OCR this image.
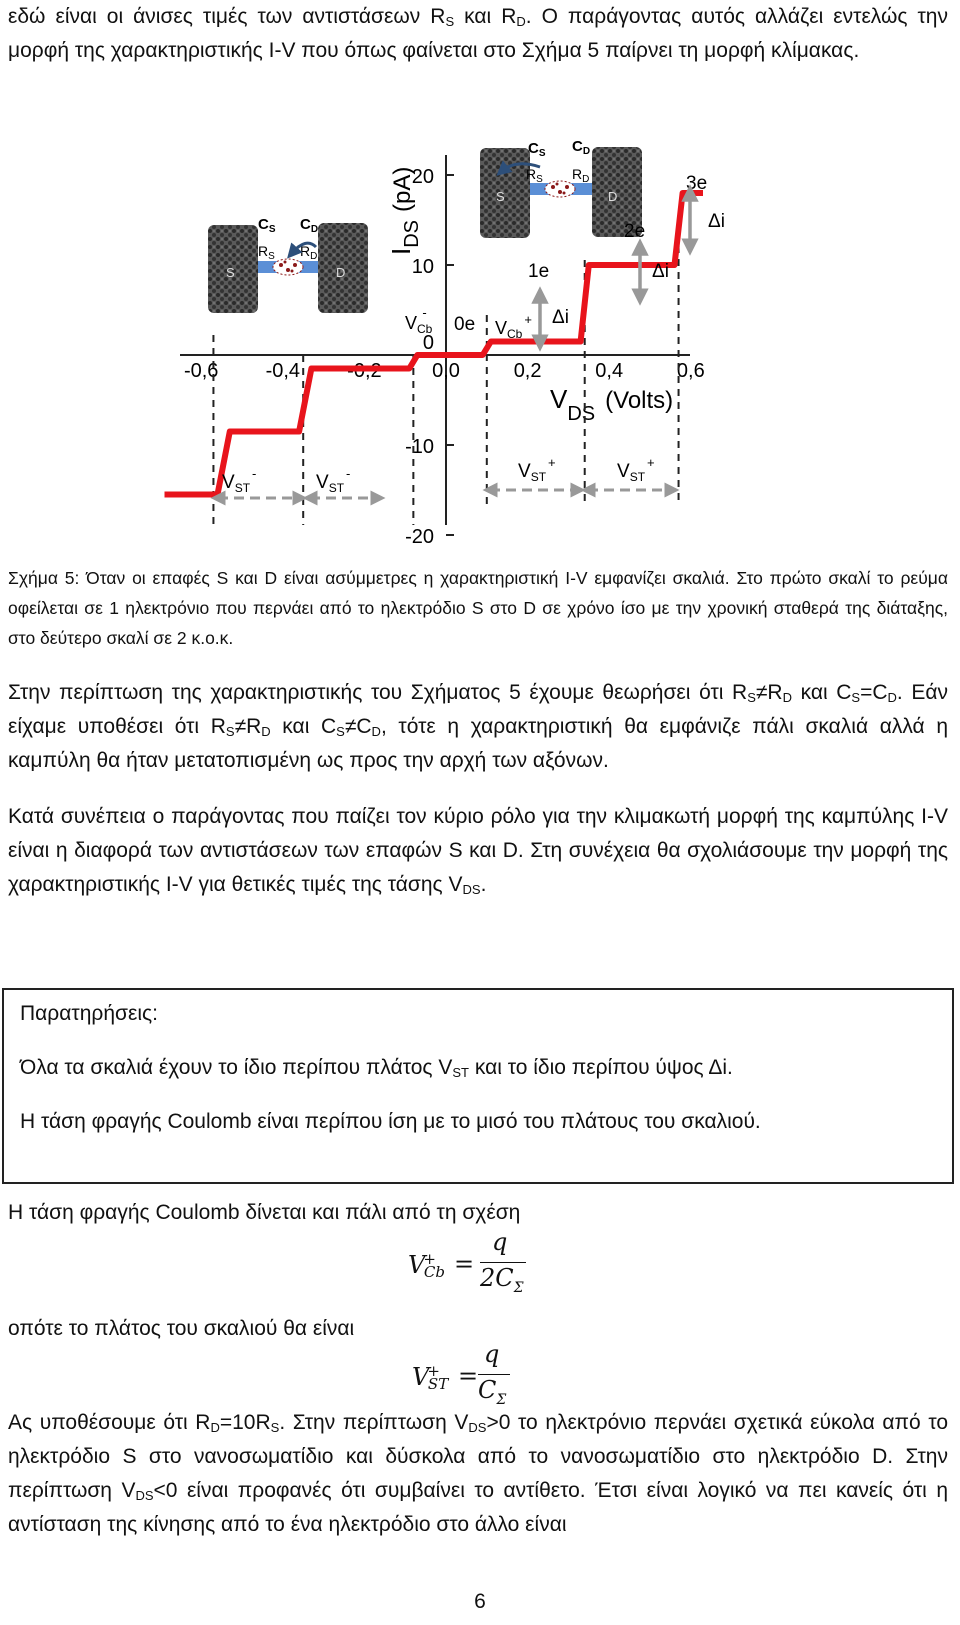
εδώ είναι οι άνισες τιμές των αντιστάσεων $R_S$ και $R_D$. Ο παράγοντας αυτός αλλάζει εντελώς την μορφή της χαρακτηριστικής I-V που όπως φαίνεται στο Σχήμα 5 παίρνει τη μορφή κλίμακας.
S	D
$C_S$ $C_D$
$R_S$ $R_D$
S	D
$C_S$ $C_D$
$R_S$ $R_D$
20
10
0
-10
-20
-0,6 -0,4 -0,2	0,0	0,2	0,4	0,6
$I_{DS}(pA)$
$V_{DS}$ (Volts)
0e
1e
2e
3e
Δi
Δi
Δi
$V_{Cb}-$
$V_{Cb}^+$
$V_{ST}^-$	$V_{ST}^-$	$V_{ST}^+$	$V_{ST}^+$
Σχήμα 5: Όταν οι επαφές S και D είναι ασύμμετρες η χαρακτηριστική I-V εμφανίζει σκαλιά. Στο πρώτο σκαλί το ρεύμα οφείλεται σε 1 ηλεκτρόνιο που περνάει από το ηλεκτρόδιο S στο D σε χρόνο ίσο με την χρονική σταθερά της διάταξης, στο δεύτερο σκαλί σε 2 κ.ο.κ.
Στην περίπτωση της χαρακτηριστικής του Σχήματος 5 έχουμε θεωρήσει ότι $R_S\ne R_D$ και $C_S=C_D$. Εάν είχαμε υποθέσει ότι $R_S\ne R_D$ και $C_S\ne C_D$, τότε η χαρακτηριστική θα εμφάνιζε πάλι σκαλιά αλλά η καμπύλη θα ήταν μετατοπισμένη ως προς την αρχή των αξόνων.
Κατά συνέπεια ο παράγοντας που παίζει τον κύριο ρόλο για την κλιμακωτή μορφή της καμπύλης I-V είναι η διαφορά των αντιστάσεων των επαφών S και D. Στη συνέχεια θα σχολιάσουμε την μορφή της χαρακτηριστικής I-V για θετικές τιμές της τάσης $V_{DS}$.
Παρατηρήσεις:
Όλα τα σκαλιά έχουν το ίδιο περίπου πλάτος $V_{ST}$ και το ίδιο περίπου ύψος Δi.
Η τάση φραγής Coulomb είναι περίπου ίση με το μισό του πλάτους του σκαλιού.
Η τάση φραγής Coulomb δίνεται και πάλι από τη σχέση
$V^+_{Cb}$ =
q
$2C_\Sigma$
οπότε το πλάτος του σκαλιού θα είναι
$V^+_{ST}$ =
q
$C_\Sigma$
Ας υποθέσουμε ότι $R_D=10R_S$. Στην περίπτωση $V_{DS}>0$ το ηλεκτρόνιο περνάει σχετικά εύκολα από το ηλεκτρόδιο S στο νανοσωματίδιο και δύσκολα από το νανοσωματίδιο στο ηλεκτρόδιο D. Στην περίπτωση $V_{DS}<0$ είναι προφανές ότι συμβαίνει το αντίθετο. Έτσι είναι λογικό να πει κανείς ότι η αντίσταση της κίνησης από το ένα ηλεκτρόδιο στο άλλο είναι
6
